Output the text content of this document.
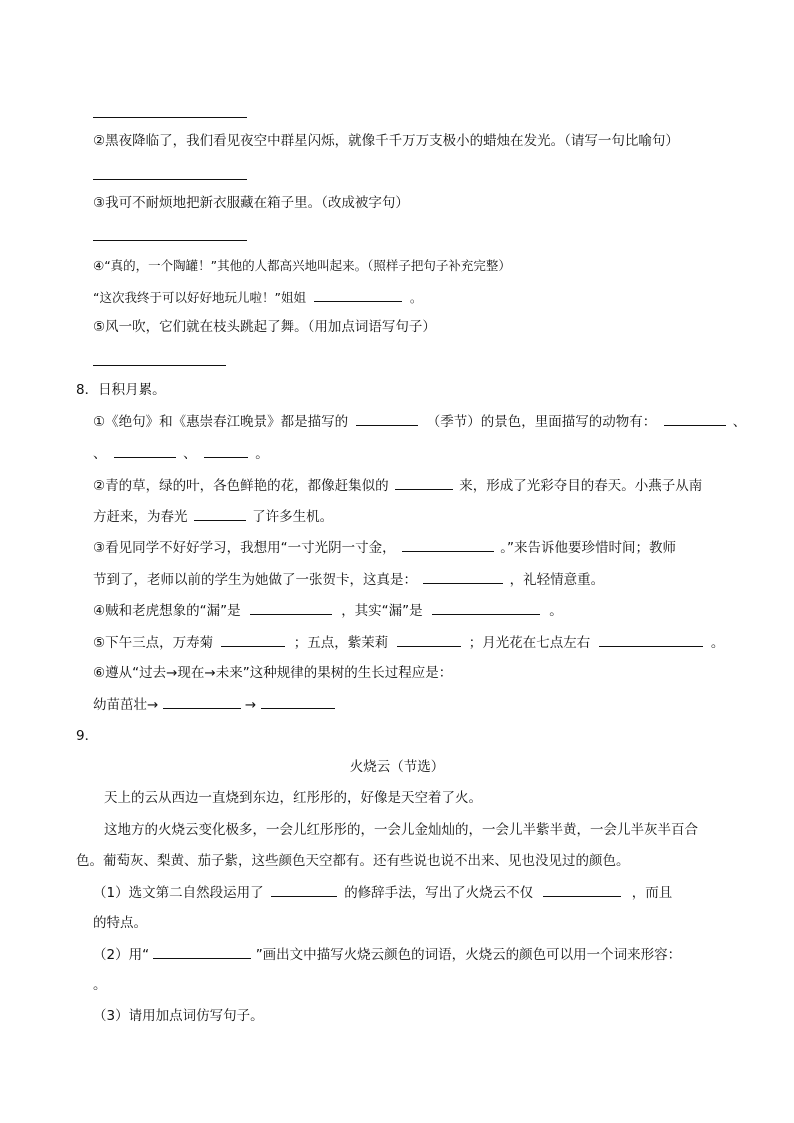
②黑夜降临了，我们看见夜空中群星闪烁，就像千千万万支极小的蜡烛在发光。（请写一句比喻句）
③我可不耐烦地把新衣服藏在箱子里。（改成被字句）
④“真的，一个陶罐！”其他的人都高兴地叫起来。（照样子把句子补充完整）
“这次我终于可以好好地玩儿啦！”姐姐	。
⑤风一吹，它们就在枝头跳起了舞。（用加点词语写句子）
8．日积月累。
①《绝句》和《惠崇春江晚景》都是描写的	（季节）的景色，里面描写的动物有：	、
、	、	。
②青的草，绿的叶，各色鲜艳的花，都像赶集似的	来，形成了光彩夺目的春天。小燕子从南
方赶来，为春光	了许多生机。
③看见同学不好好学习，我想用“一寸光阴一寸金，	。”来告诉他要珍惜时间；教师
节到了，老师以前的学生为她做了一张贺卡，这真是：	，礼轻情意重。
④贼和老虎想象的“漏”是	，其实“漏”是	。
⑤下午三点，万寿菊	；五点，紫茉莉	；月光花在七点左右	。
⑥遵从“过去→现在→未来”这种规律的果树的生长过程应是：
幼苗茁壮→	→
9．
火烧云（节选）
天上的云从西边一直烧到东边，红彤彤的，好像是天空着了火。
这地方的火烧云变化极多，一会儿红彤彤的，一会儿金灿灿的，一会儿半紫半黄，一会儿半灰半百合
色。葡萄灰、梨黄、茄子紫，这些颜色天空都有。还有些说也说不出来、见也没见过的颜色。
（1）选文第二自然段运用了	的修辞手法，写出了火烧云不仅	，而且
的特点。
（2）用“	”画出文中描写火烧云颜色的词语，火烧云的颜色可以用一个词来形容：
。
（3）请用加点词仿写句子。
